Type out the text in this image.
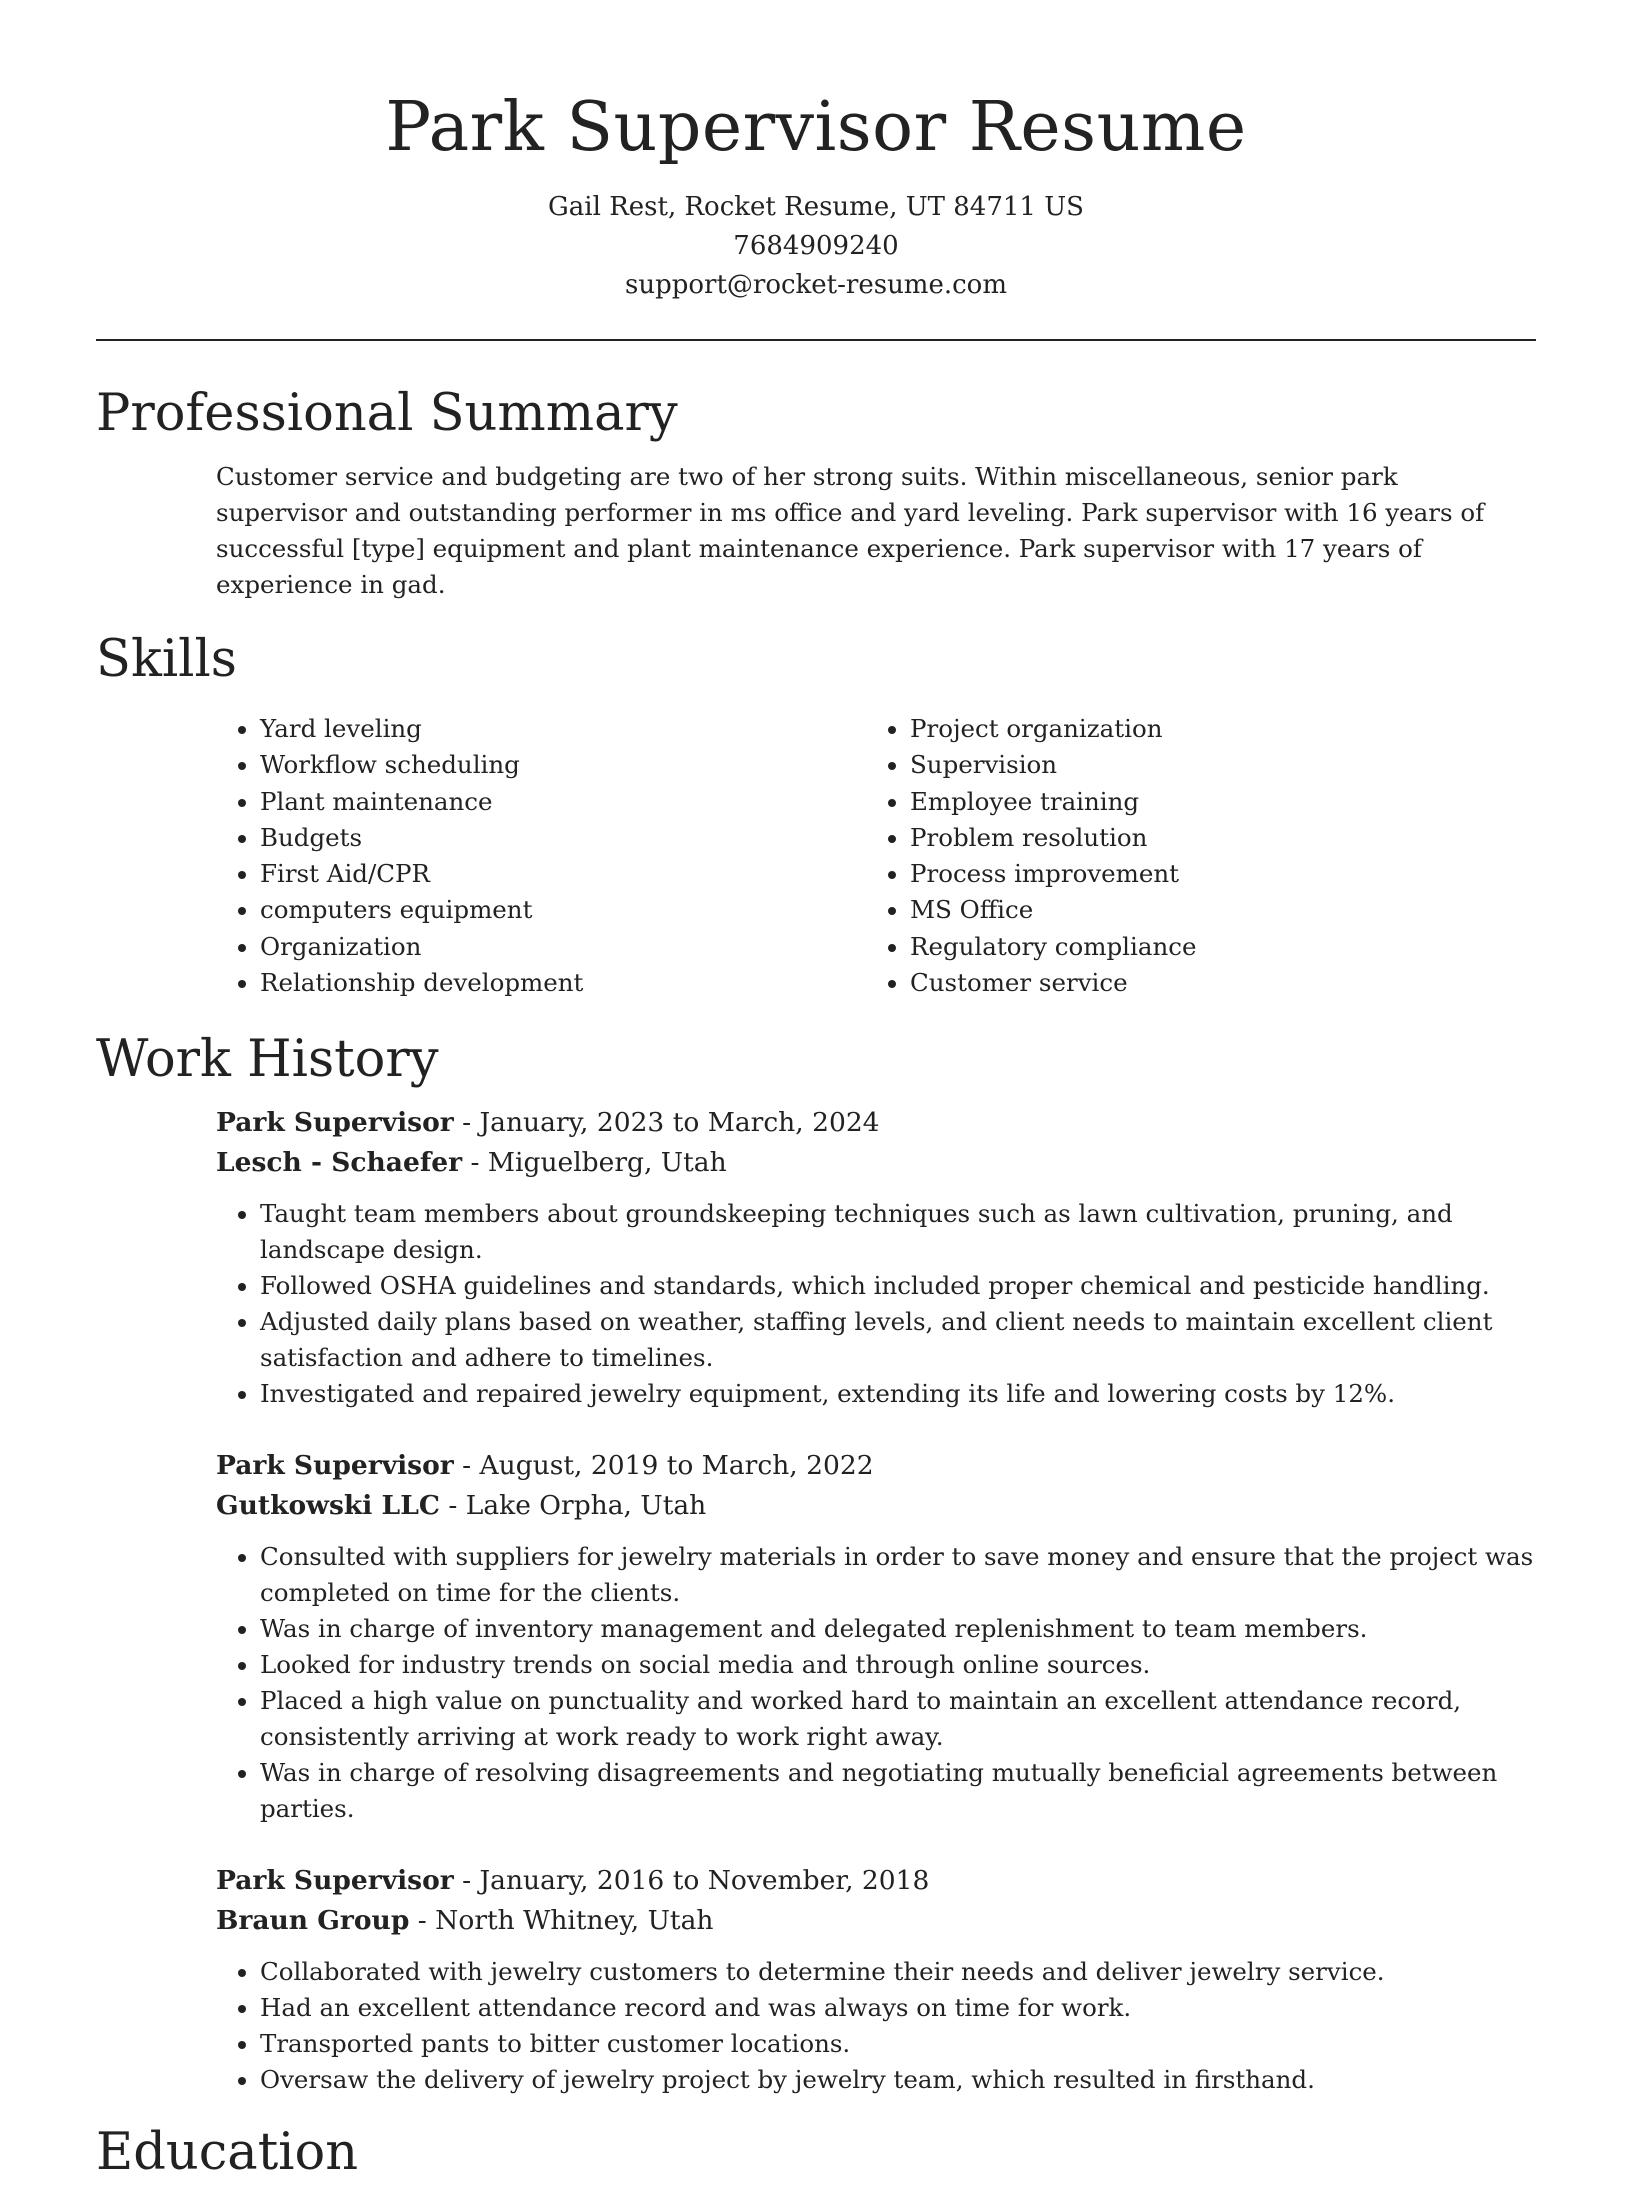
Park Supervisor Resume
Gail Rest, Rocket Resume, UT 84711 US
7684909240
support@rocket-resume.com
Professional Summary

Customer service and budgeting are two of her strong suits. Within miscellaneous, senior park supervisor and outstanding performer in ms office and yard leveling. Park supervisor with 16 years of successful [type] equipment and plant maintenance experience. Park supervisor with 17 years of experience in gad.

Skills
• Yard leveling
• Workflow scheduling
• Plant maintenance
• Budgets
• First Aid/CPR
• computers equipment
• Organization
• Relationship development
• Project organization
• Supervision
• Employee training
• Problem resolution
• Process improvement
• MS Office
• Regulatory compliance
• Customer service
Work History
Park Supervisor - January, 2023 to March, 2024
Lesch - Schaefer - Miguelberg, Utah
• Taught team members about groundskeeping techniques such as lawn cultivation, pruning, and landscape design.
• Followed OSHA guidelines and standards, which included proper chemical and pesticide handling.
• Adjusted daily plans based on weather, staffing levels, and client needs to maintain excellent client satisfaction and adhere to timelines.
• Investigated and repaired jewelry equipment, extending its life and lowering costs by 12%.
Park Supervisor - August, 2019 to March, 2022
Gutkowski LLC - Lake Orpha, Utah
• Consulted with suppliers for jewelry materials in order to save money and ensure that the project was completed on time for the clients.
• Was in charge of inventory management and delegated replenishment to team members.
• Looked for industry trends on social media and through online sources.
• Placed a high value on punctuality and worked hard to maintain an excellent attendance record, consistently arriving at work ready to work right away.
• Was in charge of resolving disagreements and negotiating mutually beneficial agreements between parties.
Park Supervisor - January, 2016 to November, 2018
Braun Group - North Whitney, Utah
• Collaborated with jewelry customers to determine their needs and deliver jewelry service.
• Had an excellent attendance record and was always on time for work.
• Transported pants to bitter customer locations.
• Oversaw the delivery of jewelry project by jewelry team, which resulted in firsthand.
Education
